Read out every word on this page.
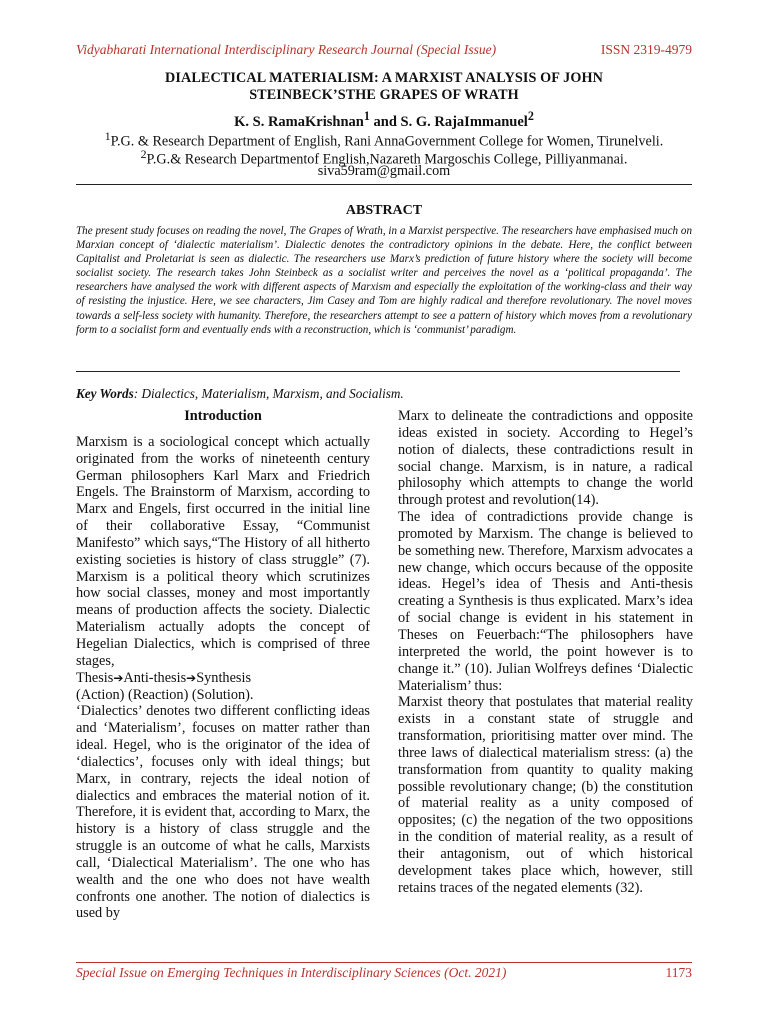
Vidyabharati International Interdisciplinary Research Journal (Special Issue)	ISSN 2319-4979
DIALECTICAL MATERIALISM: A MARXIST ANALYSIS OF JOHN
STEINBECK’STHE GRAPES OF WRATH
K. S. RamaKrishnan$^1$ and S. G. RajaImmanuel$^2$
$^1$P.G. & Research Department of English, Rani AnnaGovernment College for Women, Tirunelveli.
$^2$P.G.& Research Departmentof English,Nazareth Margoschis College, Pilliyanmanai.
siva59ram@gmail.com
ABSTRACT
The present study focuses on reading the novel, The Grapes of Wrath, in a Marxist perspective. The researchers have emphasised much on Marxian concept of ‘dialectic materialism’. Dialectic denotes the contradictory opinions in the debate. Here, the conflict between Capitalist and Proletariat is seen as dialectic. The researchers use Marx’s prediction of future history where the society will become socialist society. The research takes John Steinbeck as a socialist writer and perceives the novel as a ‘political propaganda’. The researchers have analysed the work with different aspects of Marxism and especially the exploitation of the working-class and their way of resisting the injustice. Here, we see characters, Jim Casey and Tom are highly radical and therefore revolutionary. The novel moves towards a self-less society with humanity. Therefore, the researchers attempt to see a pattern of history which moves from a revolutionary form to a socialist form and eventually ends with a reconstruction, which is ‘communist’ paradigm.
Key Words: Dialectics, Materialism, Marxism, and Socialism.

Introduction

Marxism is a sociological concept which actually originated from the works of nineteenth century German philosophers Karl Marx and Friedrich Engels. The Brainstorm of Marxism, according to Marx and Engels, first occurred in the initial line of their collaborative Essay, “Communist Manifesto” which says,“The History of all hitherto existing societies is history of class struggle” (7). Marxism is a political theory which scrutinizes how social classes, money and most importantly means of production affects the society. Dialectic Materialism actually adopts the concept of Hegelian Dialectics, which is comprised of three stages,

Thesis➔Anti-thesis➔Synthesis

(Action) (Reaction) (Solution).

‘Dialectics’ denotes two different conflicting ideas and ‘Materialism’, focuses on matter rather than ideal. Hegel, who is the originator of the idea of ‘dialectics’, focuses only with ideal things; but Marx, in contrary, rejects the ideal notion of dialectics and embraces the material notion of it. Therefore, it is evident that, according to Marx, the history is a history of class struggle and the struggle is an outcome of what he calls, Marxists call, ‘Dialectical Materialism’. The one who has wealth and the one who does not have wealth confronts one another. The notion of dialectics is used by

Marx to delineate the contradictions and opposite ideas existed in society. According to Hegel’s notion of dialects, these contradictions result in social change. Marxism, is in nature, a radical philosophy which attempts to change the world through protest and revolution(14).

The idea of contradictions provide change is promoted by Marxism. The change is believed to be something new. Therefore, Marxism advocates a new change, which occurs because of the opposite ideas. Hegel’s idea of Thesis and Anti-thesis creating a Synthesis is thus explicated. Marx’s idea of social change is evident in his statement in Theses on Feuerbach:“The philosophers have interpreted the world, the point however is to change it.” (10). Julian Wolfreys defines ‘Dialectic Materialism’ thus:

Marxist theory that postulates that material reality exists in a constant state of struggle and transformation, prioritising matter over mind. The three laws of dialectical materialism stress: (a) the transformation from quantity to quality making possible revolutionary change; (b) the constitution of material reality as a unity composed of opposites; (c) the negation of the two oppositions in the condition of material reality, as a result of their antagonism, out of which historical development takes place which, however, still retains traces of the negated elements (32).

Special Issue on Emerging Techniques in Interdisciplinary Sciences (Oct. 2021)	1173
